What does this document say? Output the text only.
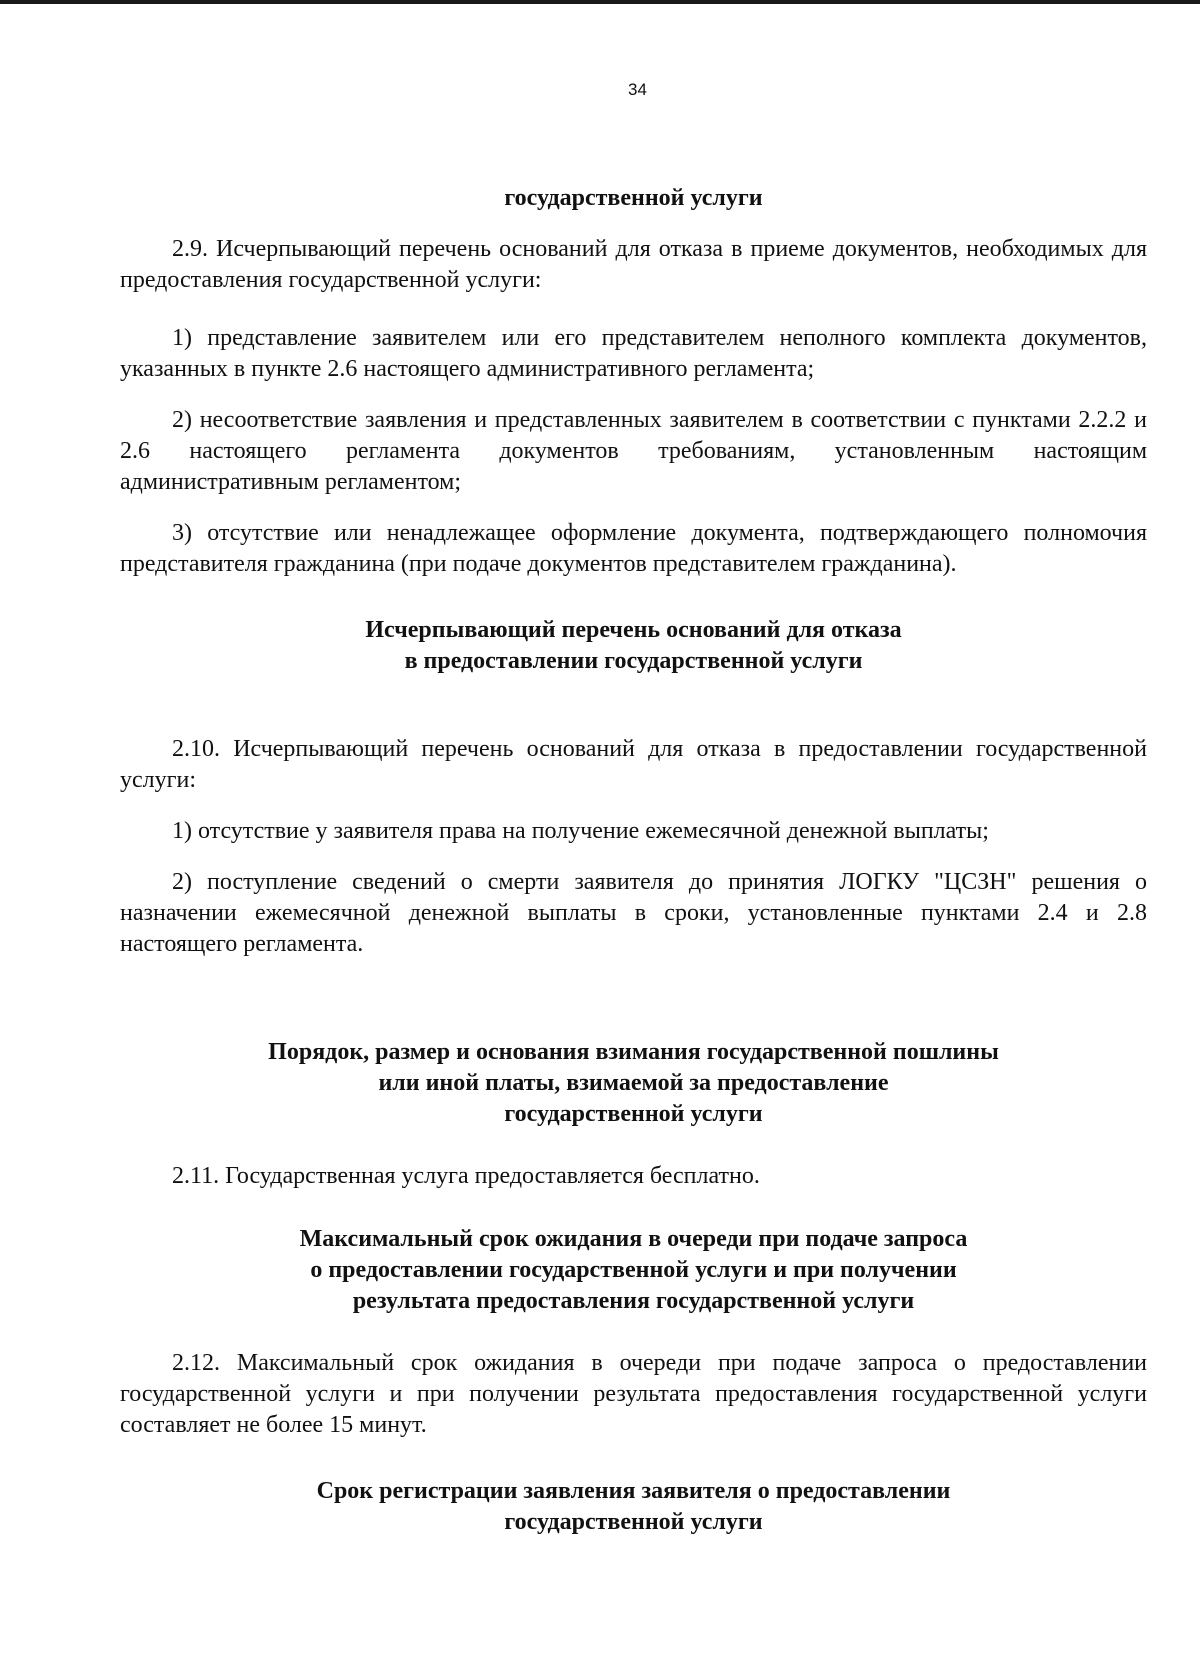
34

государственной услуги

2.9. Исчерпывающий перечень оснований для отказа в приеме документов, необходимых для предоставления государственной услуги:

1) представление заявителем или его представителем неполного комплекта документов, указанных в пункте 2.6 настоящего административного регламента;

2) несоответствие заявления и представленных заявителем в соответствии с пунктами 2.2.2 и 2.6 настоящего регламента документов требованиям, установленным настоящим административным регламентом;

3) отсутствие или ненадлежащее оформление документа, подтверждающего полномочия представителя гражданина (при подаче документов представителем гражданина).

Исчерпывающий перечень оснований для отказа

в предоставлении государственной услуги

2.10. Исчерпывающий перечень оснований для отказа в предоставлении государственной услуги:

1) отсутствие у заявителя права на получение ежемесячной денежной выплаты;

2) поступление сведений о смерти заявителя до принятия ЛОГКУ "ЦСЗН" решения о назначении ежемесячной денежной выплаты в сроки, установленные пунктами 2.4 и 2.8 настоящего регламента.

Порядок, размер и основания взимания государственной пошлины

или иной платы, взимаемой за предоставление

государственной услуги

2.11. Государственная услуга предоставляется бесплатно.

Максимальный срок ожидания в очереди при подаче запроса

о предоставлении государственной услуги и при получении

результата предоставления государственной услуги

2.12. Максимальный срок ожидания в очереди при подаче запроса о предоставлении государственной услуги и при получении результата предоставления государственной услуги составляет не более 15 минут.

Срок регистрации заявления заявителя о предоставлении

государственной услуги
